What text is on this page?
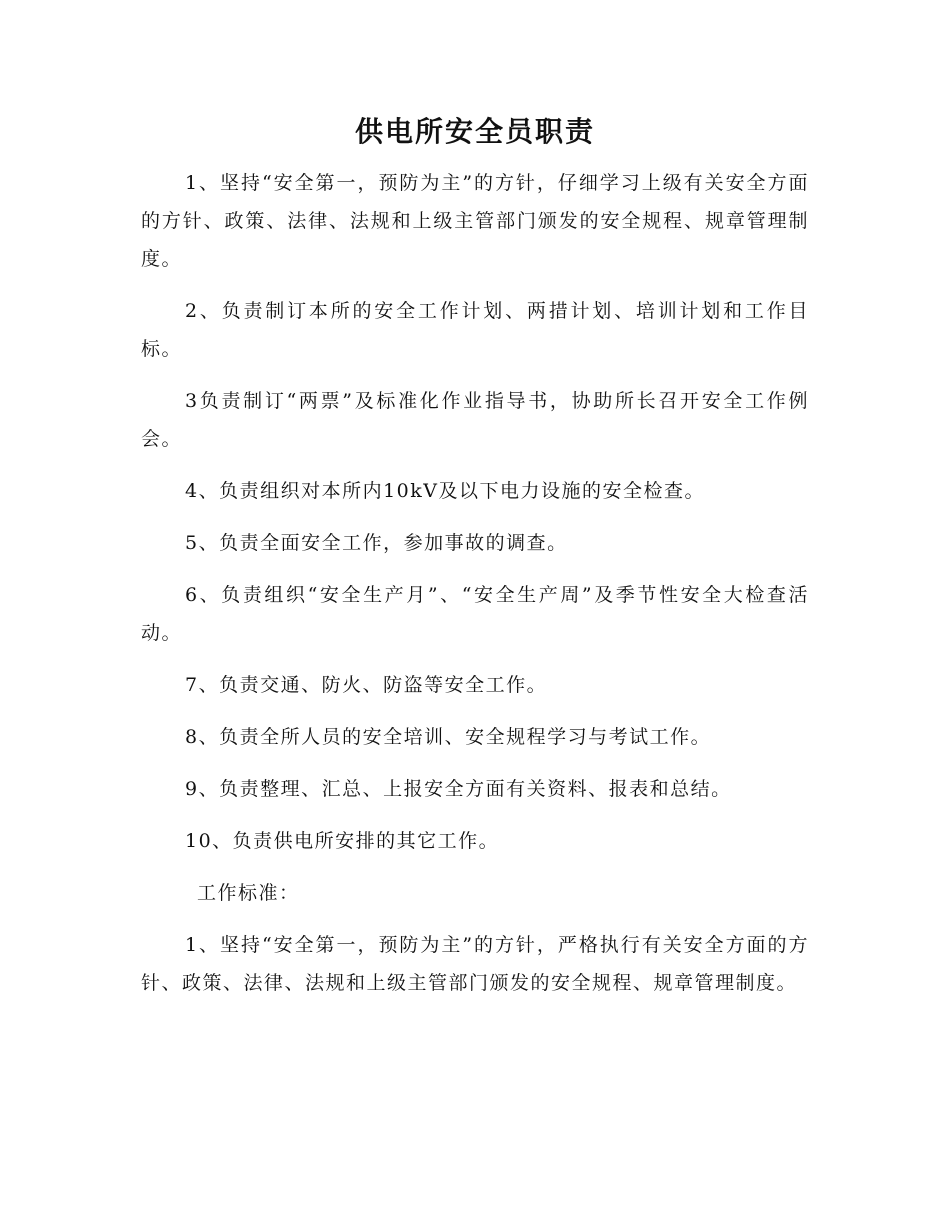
供电所安全员职责

1、坚持“安全第一，预防为主”的方针，仔细学习上级有关安全方面的方针、政策、法律、法规和上级主管部门颁发的安全规程、规章管理制度。

2、负责制订本所的安全工作计划、两措计划、培训计划和工作目标。

3负责制订“两票”及标准化作业指导书，协助所长召开安全工作例会。

4、负责组织对本所内10kV及以下电力设施的安全检查。

5、负责全面安全工作，参加事故的调查。

6、负责组织“安全生产月”、“安全生产周”及季节性安全大检查活动。

7、负责交通、防火、防盗等安全工作。

8、负责全所人员的安全培训、安全规程学习与考试工作。

9、负责整理、汇总、上报安全方面有关资料、报表和总结。

10、负责供电所安排的其它工作。

工作标准：

1、坚持“安全第一，预防为主”的方针，严格执行有关安全方面的方针、政策、法律、法规和上级主管部门颁发的安全规程、规章管理制度。
